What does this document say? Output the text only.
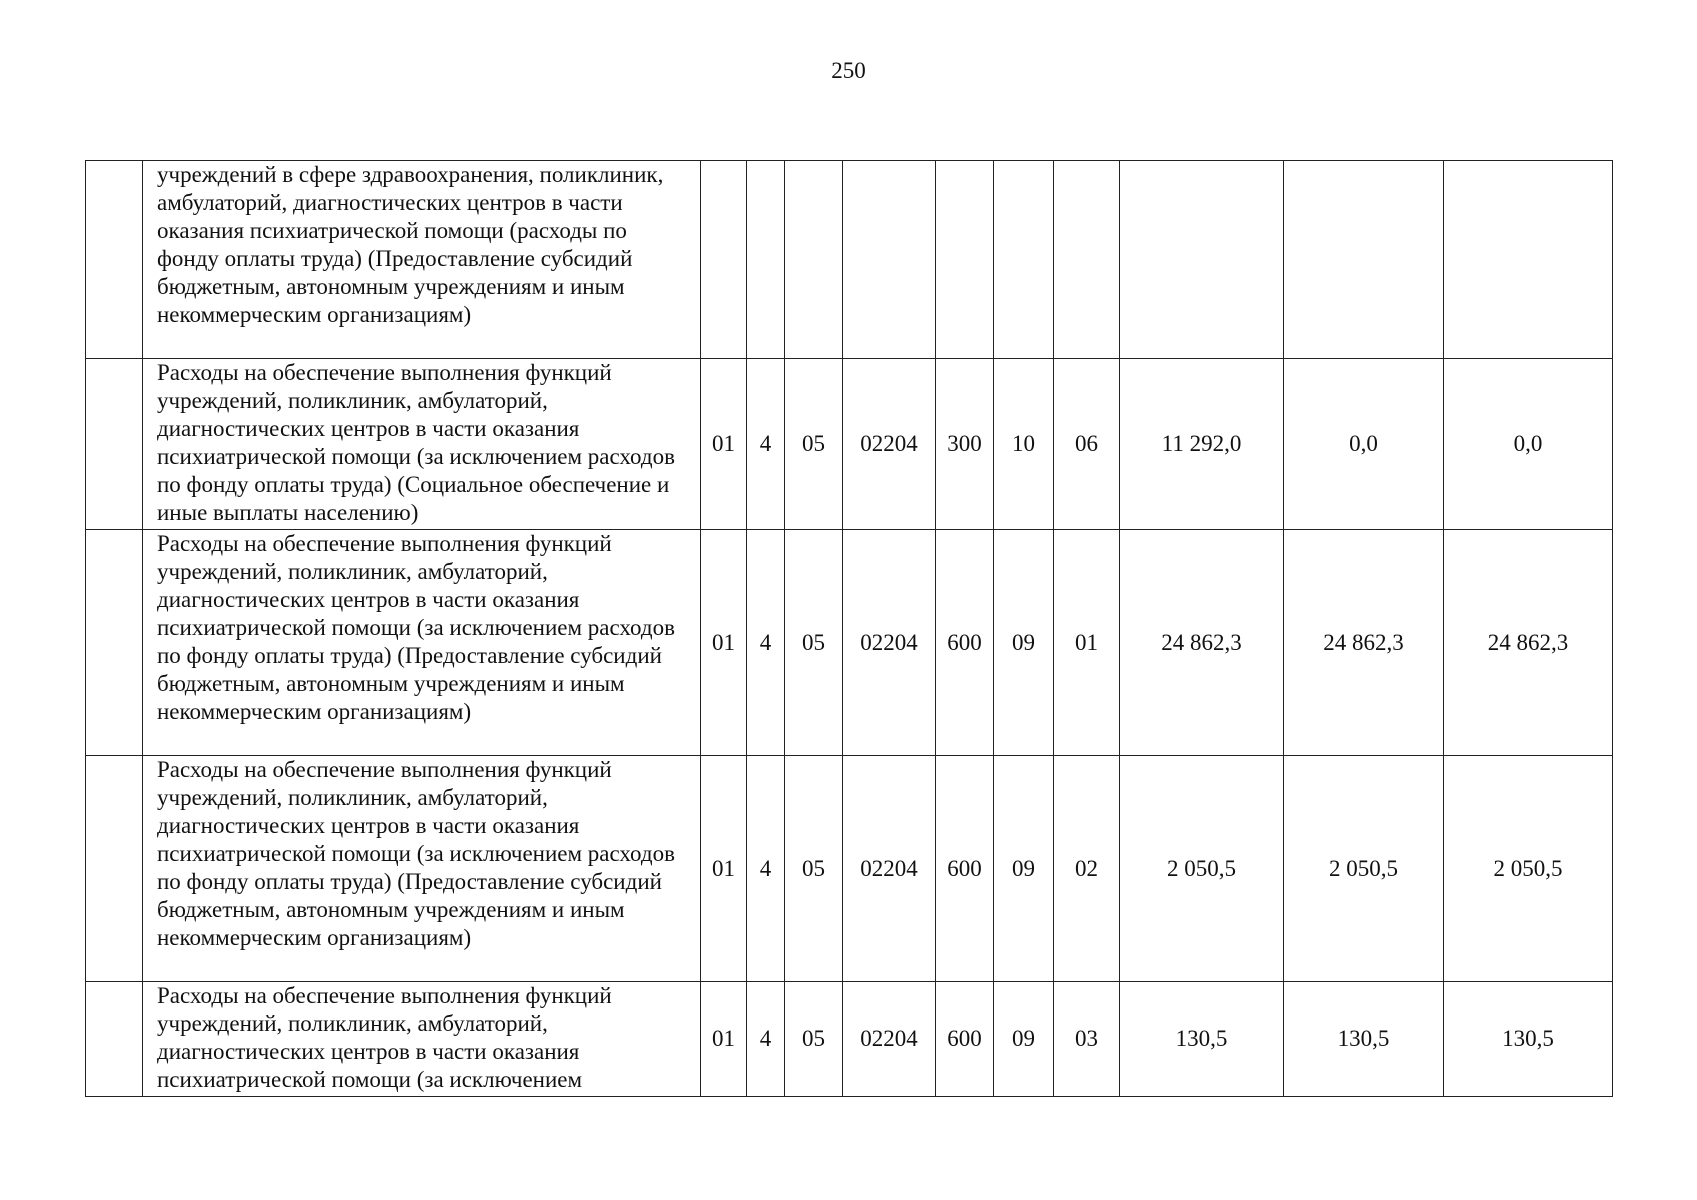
250
	учреждений в сфере здравоохранения, поликлиник, амбулаторий, диагностических центров в части оказания психиатрической помощи (расходы по фонду оплаты труда) (Предоставление субсидий бюджетным, автономным учреждениям и иным некоммерческим организациям)										
	Расходы на обеспечение выполнения функций учреждений, поликлиник, амбулаторий, диагностических центров в части оказания психиатрической помощи (за исключением расходов по фонду оплаты труда) (Социальное обеспечение и иные выплаты населению)	01	4	05	02204	300	10	06	11 292,0	0,0	0,0
	Расходы на обеспечение выполнения функций учреждений, поликлиник, амбулаторий, диагностических центров в части оказания психиатрической помощи (за исключением расходов по фонду оплаты труда) (Предоставление субсидий бюджетным, автономным учреждениям и иным некоммерческим организациям)	01	4	05	02204	600	09	01	24 862,3	24 862,3	24 862,3
	Расходы на обеспечение выполнения функций учреждений, поликлиник, амбулаторий, диагностических центров в части оказания психиатрической помощи (за исключением расходов по фонду оплаты труда) (Предоставление субсидий бюджетным, автономным учреждениям и иным некоммерческим организациям)	01	4	05	02204	600	09	02	2 050,5	2 050,5	2 050,5
	Расходы на обеспечение выполнения функций учреждений, поликлиник, амбулаторий, диагностических центров в части оказания психиатрической помощи (за исключением	01	4	05	02204	600	09	03	130,5	130,5	130,5
